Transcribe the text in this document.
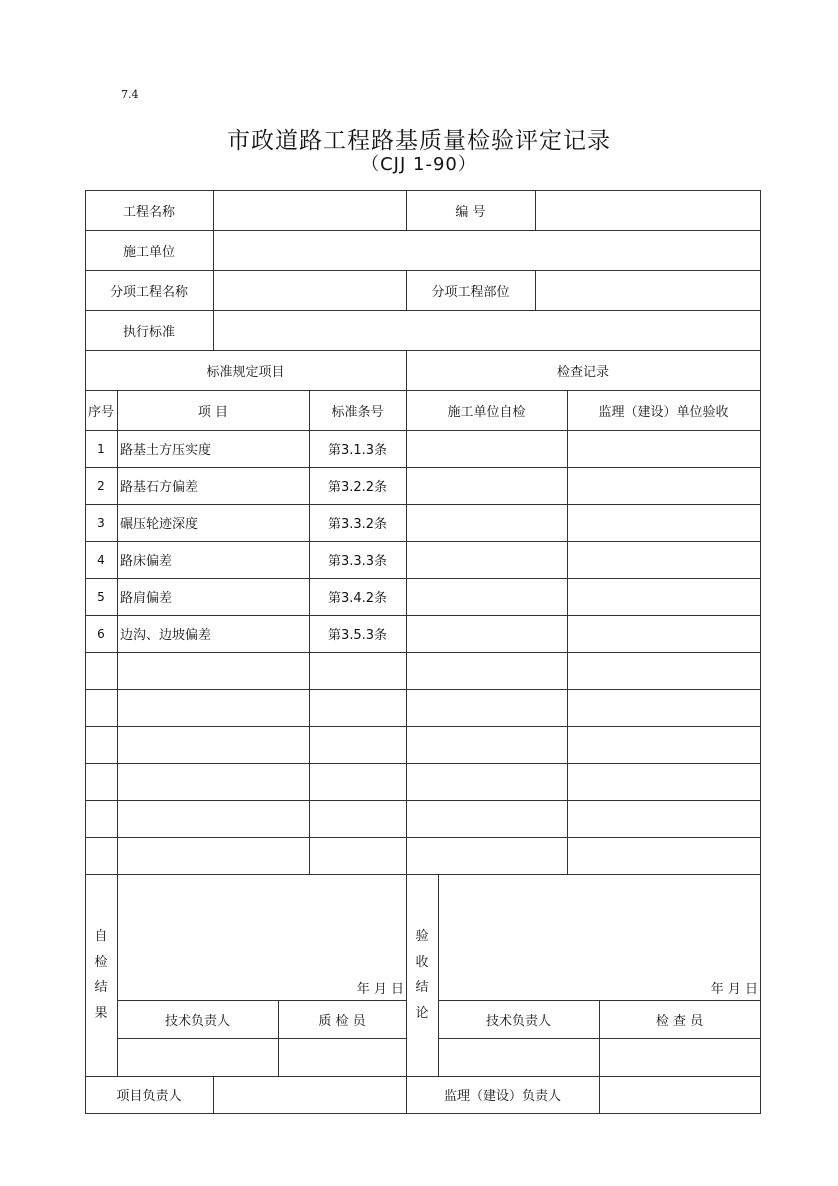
7.4
市政道路工程路基质量检验评定记录
（CJJ 1-90）
工程名称	编 号
施工单位
分项工程名称	分项工程部位
执行标准
标准规定项目	检查记录
序号	项 目	标准条号	施工单位自检	监理（建设）单位验收
1	路基土方压实度	第3.1.3条
2	路基石方偏差	第3.2.2条
3	碾压轮迹深度	第3.3.2条
4	路床偏差	第3.3.3条
5	路肩偏差	第3.4.2条
6	边沟、边坡偏差	第3.5.3条
自
检
结
果
验
收
结
论
年 月 日	年 月 日
技术负责人	质 检 员	技术负责人	检 查 员
项目负责人	监理（建设）负责人
